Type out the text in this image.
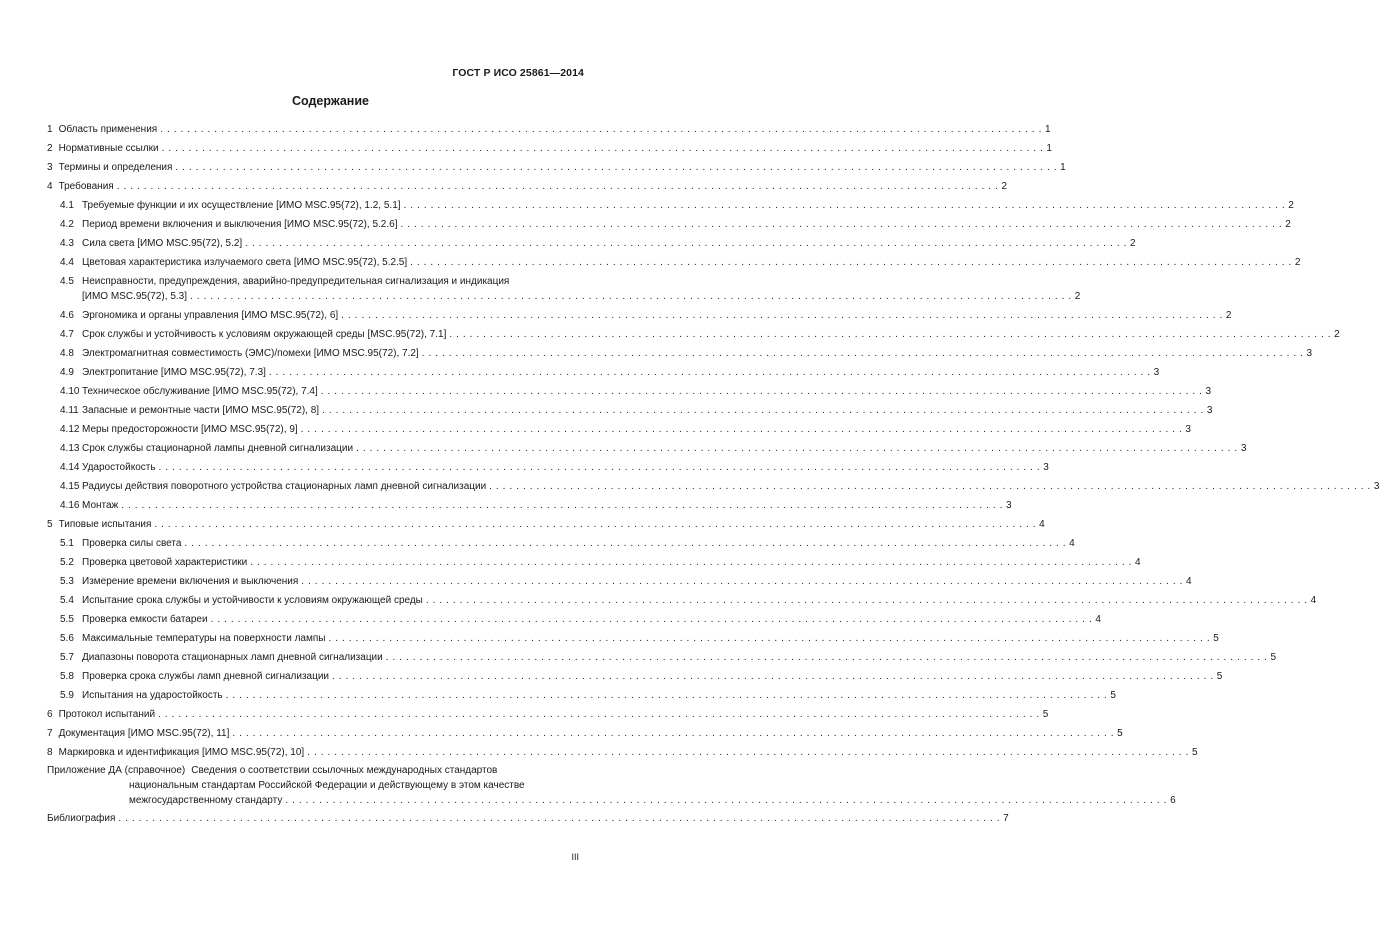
ГОСТ Р ИСО 25861—2014
Содержание
1 Область применения . . .	1
2 Нормативные ссылки . . .	1
3 Термины и определения . . .	1
4 Требования . . .	2
4.1 Требуемые функции и их осуществление [ИМО MSC.95(72), 1.2, 5.1] . . .	2
4.2 Период времени включения и выключения [ИМО MSC.95(72), 5.2.6] . . .	2
4.3 Сила света [ИМО MSC.95(72), 5.2] . . .	2
4.4 Цветовая характеристика излучаемого света [ИМО MSC.95(72), 5.2.5] . . .	2
4.5 Неисправности, предупреждения, аварийно-предупредительная сигнализация и индикация
[ИМО MSC.95(72), 5.3] . . .	2
4.6 Эргономика и органы управления [ИМО MSC.95(72), 6] . . .	2
4.7 Срок службы и устойчивость к условиям окружающей среды [MSC.95(72), 7.1] . . .	2
4.8 Электромагнитная совместимость (ЭМС)/помехи [ИМО MSC.95(72), 7.2] . . .	3
4.9 Электропитание [ИМО MSC.95(72), 7.3] . . .	3
4.10 Техническое обслуживание [ИМО MSC.95(72), 7.4] . . .	3
4.11 Запасные и ремонтные части [ИМО MSC.95(72), 8] . . .	3
4.12 Меры предосторожности [ИМО MSC.95(72), 9] . . .	3
4.13 Срок службы стационарной лампы дневной сигнализации . . .	3
4.14 Ударостойкость . . .	3
4.15 Радиусы действия поворотного устройства стационарных ламп дневной сигнализации . . .	3
4.16 Монтаж . . .	3
5 Типовые испытания . . .	4
5.1 Проверка силы света . . .	4
5.2 Проверка цветовой характеристики . . .	4
5.3 Измерение времени включения и выключения . . .	4
5.4 Испытание срока службы и устойчивости к условиям окружающей среды . . .	4
5.5 Проверка емкости батареи . . .	4
5.6 Максимальные температуры на поверхности лампы . . .	5
5.7 Диапазоны поворота стационарных ламп дневной сигнализации . . .	5
5.8 Проверка срока службы ламп дневной сигнализации . . .	5
5.9 Испытания на ударостойкость . . .	5
6 Протокол испытаний . . .	5
7 Документация [ИМО MSC.95(72), 11] . . .	5
8 Маркировка и идентификация [ИМО MSC.95(72), 10] . . .	5
Приложение ДА (справочное) Сведения о соответствии ссылочных международных стандартов
национальным стандартам Российской Федерации и действующему в этом качестве
межгосударственному стандарту . . .	6
Библиография . . .	7
III
